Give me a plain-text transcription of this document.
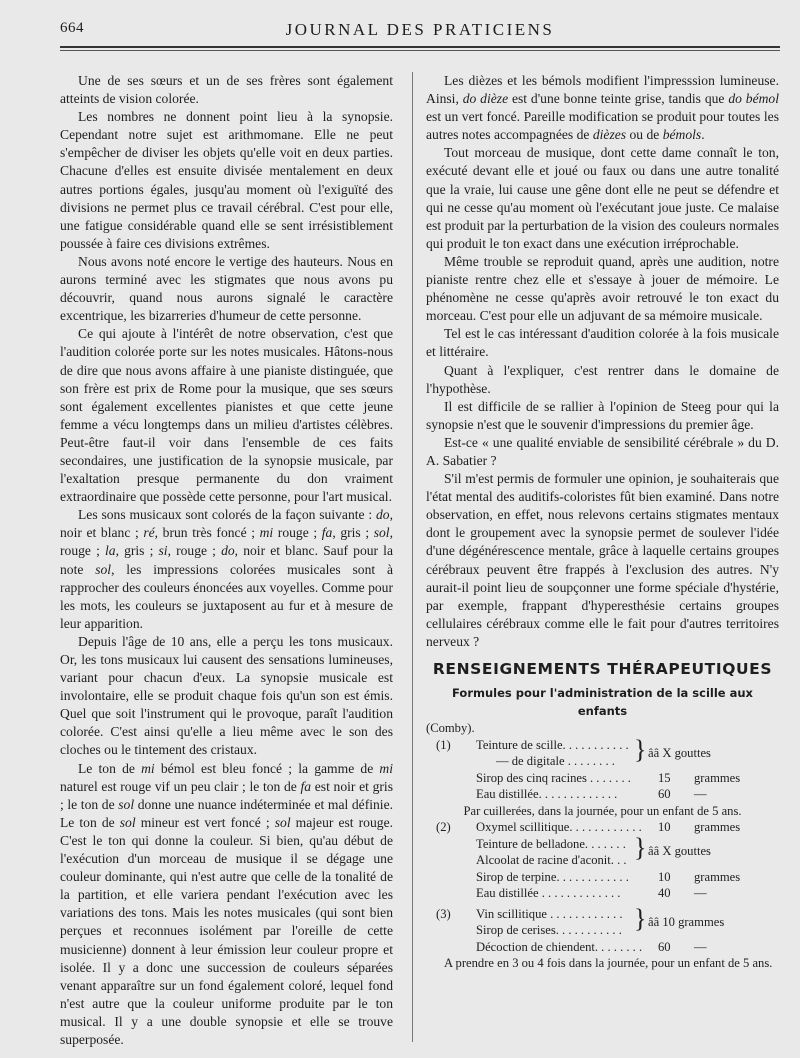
664	JOURNAL DES PRATICIENS

Une de ses sœurs et un de ses frères sont également atteints de vision colorée.

Les nombres ne donnent point lieu à la synopsie. Cependant notre sujet est arithmomane. Elle ne peut s'empêcher de diviser les objets qu'elle voit en deux parties. Chacune d'elles est ensuite divisée mentalement en deux autres portions égales, jusqu'au moment où l'exiguïté des divisions ne permet plus ce travail cérébral. C'est pour elle, une fatigue considérable quand elle se sent irrésistiblement poussée à faire ces divisions extrêmes.

Nous avons noté encore le vertige des hauteurs. Nous en aurons terminé avec les stigmates que nous avons pu découvrir, quand nous aurons signalé le caractère excentrique, les bizarreries d'humeur de cette personne.

Ce qui ajoute à l'intérêt de notre observation, c'est que l'audition colorée porte sur les notes musicales. Hâtons-nous de dire que nous avons affaire à une pianiste distinguée, que son frère est prix de Rome pour la musique, que ses sœurs sont également excellentes pianistes et que cette jeune femme a vécu longtemps dans un milieu d'artistes célèbres. Peut-être faut-il voir dans l'ensemble de ces faits secondaires, une justification de la synopsie musicale, par l'exaltation presque permanente du don vraiment extraordinaire que possède cette personne, pour l'art musical.

Les sons musicaux sont colorés de la façon suivante : do, noir et blanc ; ré, brun très foncé ; mi rouge ; fa, gris ; sol, rouge ; la, gris ; si, rouge ; do, noir et blanc. Sauf pour la note sol, les impressions colorées musicales sont à rapprocher des couleurs énoncées aux voyelles. Comme pour les mots, les couleurs se juxtaposent au fur et à mesure de leur apparition.

Depuis l'âge de 10 ans, elle a perçu les tons musicaux. Or, les tons musicaux lui causent des sensations lumineuses, variant pour chacun d'eux. La synopsie musicale est involontaire, elle se produit chaque fois qu'un son est émis. Quel que soit l'instrument qui le provoque, paraît l'audition colorée. C'est ainsi qu'elle a lieu même avec le son des cloches ou le tintement des cristaux.

Le ton de mi bémol est bleu foncé ; la gamme de mi naturel est rouge vif un peu clair ; le ton de fa est noir et gris ; le ton de sol donne une nuance indéterminée et mal définie. Le ton de sol mineur est vert foncé ; sol majeur est rouge. C'est le ton qui donne la couleur. Si bien, qu'au début de l'exécution d'un morceau de musique il se dégage une couleur dominante, qui n'est autre que celle de la tonalité de la partition, et elle variera pendant l'exécution avec les variations des tons. Mais les notes musicales (qui sont bien perçues et reconnues isolément par l'oreille de cette musicienne) donnent à leur émission leur couleur propre et isolée. Il y a donc une succession de couleurs séparées venant apparaître sur un fond également coloré, lequel fond n'est autre que la couleur uniforme produite par le ton musical. Il y a une double synopsie et elle se trouve superposée.

Les dièzes et les bémols modifient l'impresssion lumineuse. Ainsi, do dièze est d'une bonne teinte grise, tandis que do bémol est un vert foncé. Pareille modification se produit pour toutes les autres notes accompagnées de dièzes ou de bémols.

Tout morceau de musique, dont cette dame connaît le ton, exécuté devant elle et joué ou faux ou dans une autre tonalité que la vraie, lui cause une gêne dont elle ne peut se défendre et qui ne cesse qu'au moment où l'exécutant joue juste. Ce malaise est produit par la perturbation de la vision des couleurs normales qui produit le ton exact dans une exécution irréprochable.

Même trouble se reproduit quand, après une audition, notre pianiste rentre chez elle et s'essaye à jouer de mémoire. Le phénomène ne cesse qu'après avoir retrouvé le ton exact du morceau. C'est pour elle un adjuvant de sa mémoire musicale.

Tel est le cas intéressant d'audition colorée à la fois musicale et littéraire.

Quant à l'expliquer, c'est rentrer dans le domaine de l'hypothèse.

Il est difficile de se rallier à l'opinion de Steeg pour qui la synopsie n'est que le souvenir d'impressions du premier âge.

Est-ce « une qualité enviable de sensibilité cérébrale » du D. A. Sabatier ?

S'il m'est permis de formuler une opinion, je souhaiterais que l'état mental des auditifs-coloristes fût bien examiné. Dans notre observation, en effet, nous relevons certains stigmates mentaux dont le groupement avec la synopsie permet de soulever l'idée d'une dégénérescence mentale, grâce à laquelle certains groupes cérébraux peuvent être frappés à l'exclusion des autres. N'y aurait-il point lieu de soupçonner une forme spéciale d'hystérie, par exemple, frappant d'hyperesthésie certains groupes cellulaires cérébraux comme elle le fait pour d'autres territoires nerveux ?

RENSEIGNEMENTS THÉRAPEUTIQUES
Formules pour l'administration de la scille aux enfants
(Comby).
(1) Teinture de scille. . . . . . . . . . .
— de digitale . . . . . . . . } ââ X gouttes
Sirop des cinq racines . . . . . . . 15 grammes
Eau distillée. . . . . . . . . . . . .	60 —
Par cuillerées, dans la journée, pour un enfant de 5 ans.
(2) Oxymel scillitique. . . . . . . . . . . . 10 grammes
Teinture de belladone. . . . . . .
Alcoolat de racine d'aconit. . . } ââ X gouttes
Sirop de terpine. . . . . . . . . . . . 10 grammes
Eau distillée . . . . . . . . . . . . .	40 —
(3) Vin scillitique . . . . . . . . . . . .
Sirop de cerises. . . . . . . . . . . } ââ 10 grammes
Décoction de chiendent. . . . . . . . 60 —
A prendre en 3 ou 4 fois dans la journée, pour un enfant de 5 ans.
